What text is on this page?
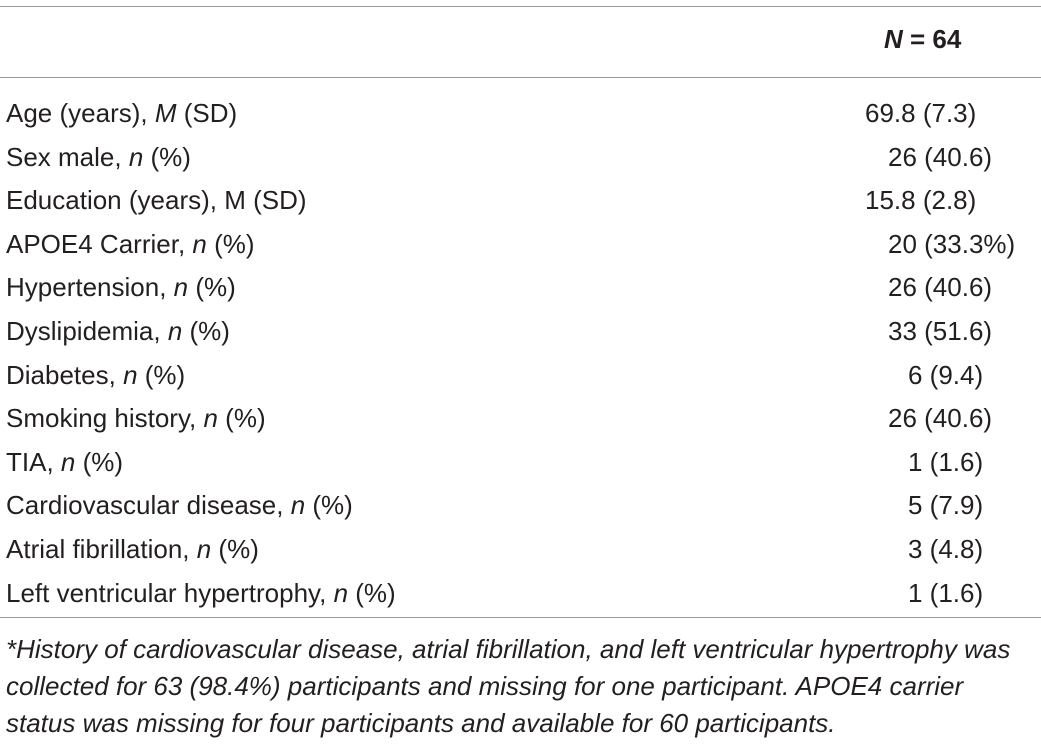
N = 64
Age (years), M (SD)	69.8 (7.3)
Sex male, n (%)	26 (40.6)
Education (years), M (SD)	15.8 (2.8)
APOE4 Carrier, n (%)	20 (33.3%)
Hypertension, n (%)	26 (40.6)
Dyslipidemia, n (%)	33 (51.6)
Diabetes, n (%)	6 (9.4)
Smoking history, n (%)	26 (40.6)
TIA, n (%)	1 (1.6)
Cardiovascular disease, n (%)	5 (7.9)
Atrial fibrillation, n (%)	3 (4.8)
Left ventricular hypertrophy, n (%)	1 (1.6)
*History of cardiovascular disease, atrial fibrillation, and left ventricular hypertrophy was collected for 63 (98.4%) participants and missing for one participant. APOE4 carrier status was missing for four participants and available for 60 participants.
